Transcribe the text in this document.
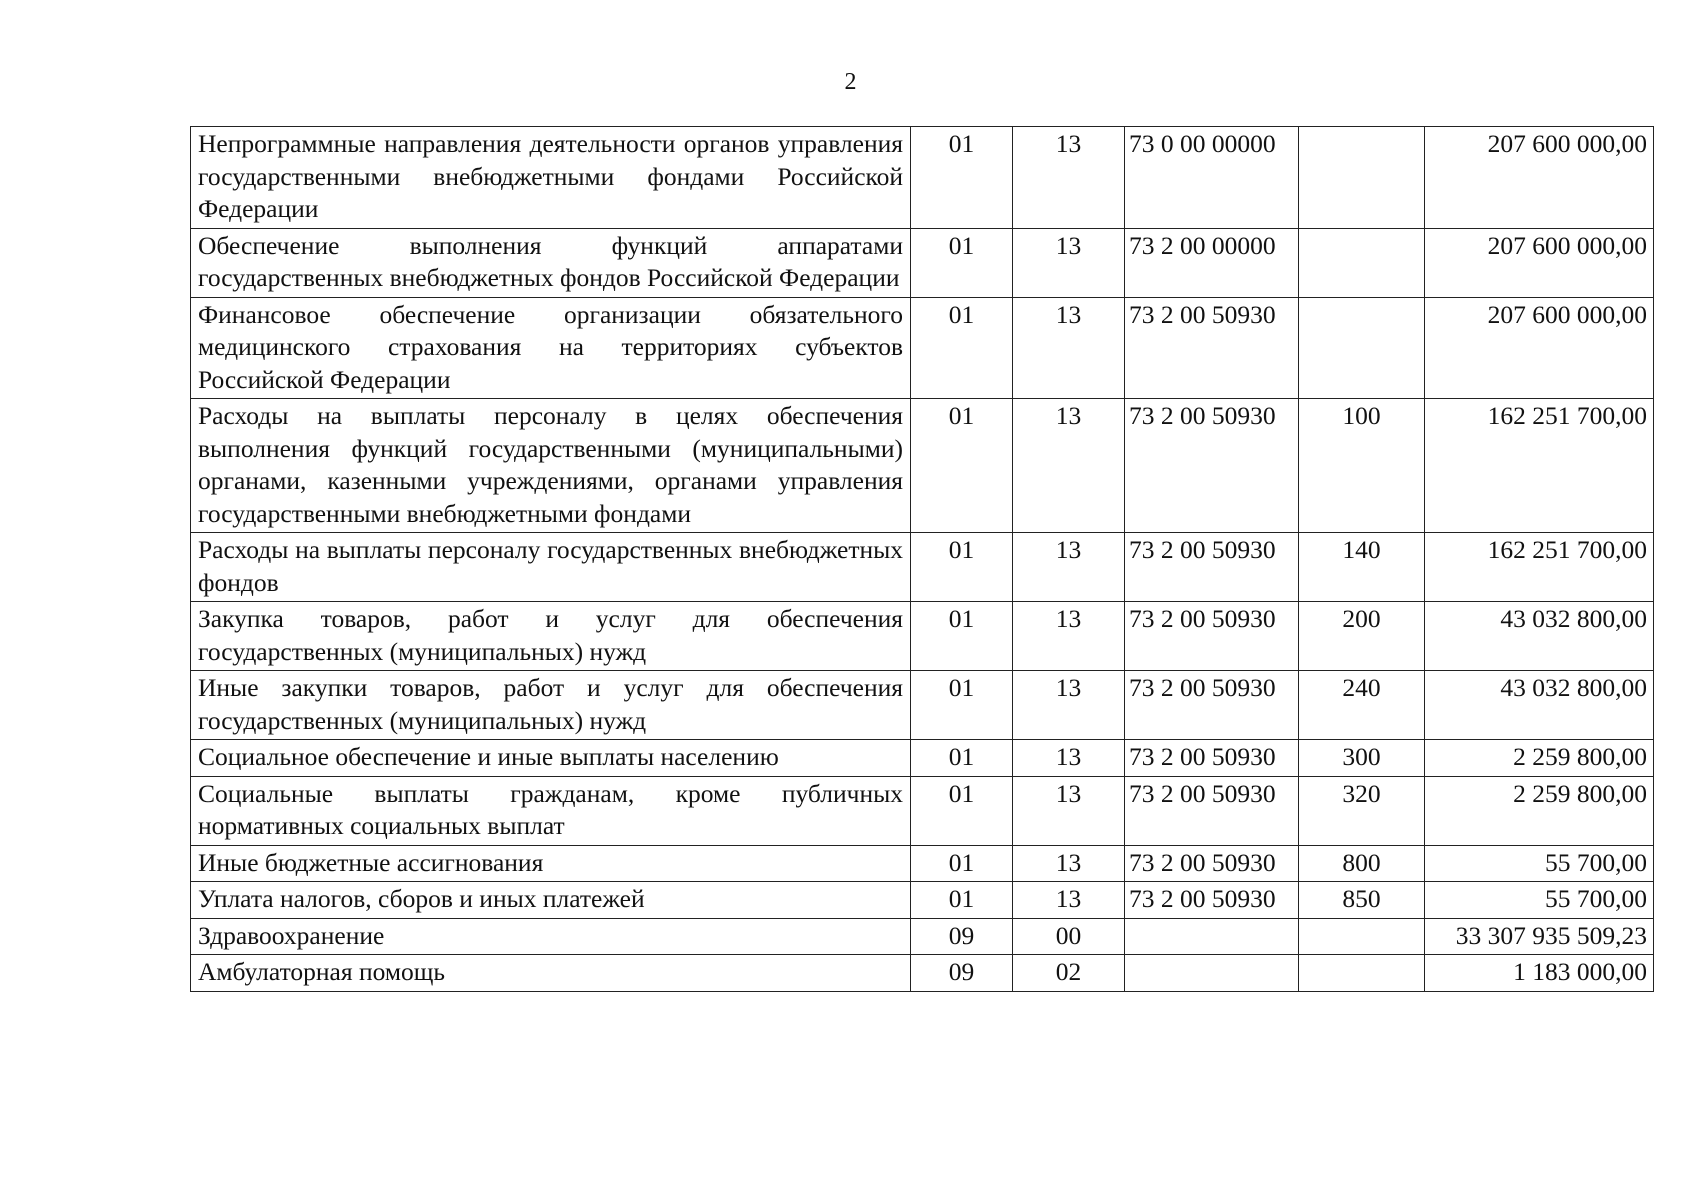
2
Непрограммные направления деятельности органов управления государственными внебюджетными фондами Российской Федерации	01	13	73 0 00 00000		207 600 000,00
Обеспечение выполнения функций аппаратами государственных внебюджетных фондов Российской Федерации	01	13	73 2 00 00000		207 600 000,00
Финансовое обеспечение организации обязательного медицинского страхования на территориях субъектов Российской Федерации	01	13	73 2 00 50930		207 600 000,00
Расходы на выплаты персоналу в целях обеспечения выполнения функций государственными (муниципальными) органами, казенными учреждениями, органами управления государственными внебюджетными фондами	01	13	73 2 00 50930	100	162 251 700,00
Расходы на выплаты персоналу государственных внебюджетных фондов	01	13	73 2 00 50930	140	162 251 700,00
Закупка товаров, работ и услуг для обеспечения государственных (муниципальных) нужд	01	13	73 2 00 50930	200	43 032 800,00
Иные закупки товаров, работ и услуг для обеспечения государственных (муниципальных) нужд	01	13	73 2 00 50930	240	43 032 800,00
Социальное обеспечение и иные выплаты населению	01	13	73 2 00 50930	300	2 259 800,00
Социальные выплаты гражданам, кроме публичных нормативных социальных выплат	01	13	73 2 00 50930	320	2 259 800,00
Иные бюджетные ассигнования	01	13	73 2 00 50930	800	55 700,00
Уплата налогов, сборов и иных платежей	01	13	73 2 00 50930	850	55 700,00
Здравоохранение	09	00			33 307 935 509,23
Амбулаторная помощь	09	02			1 183 000,00
